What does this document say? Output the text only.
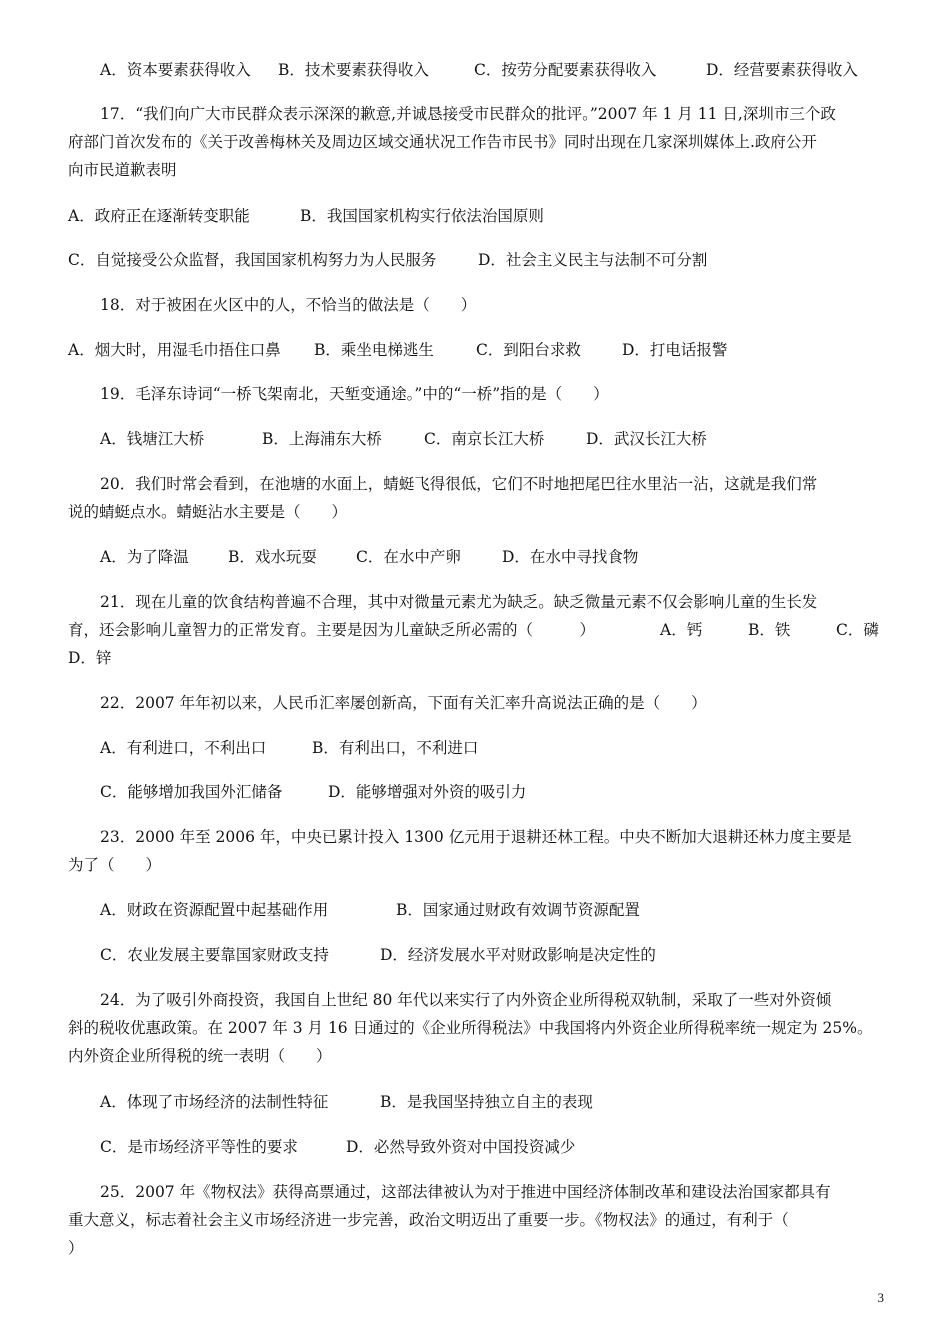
A．资本要素获得收入 B．技术要素获得收入	C．按劳分配要素获得收入	D．经营要素获得收入
17．“我们向广大市民群众表示深深的歉意,并诚恳接受市民群众的批评。”2007 年 1 月 11 日,深圳市三个政
府部门首次发布的《关于改善梅林关及周边区域交通状况工作告市民书》同时出现在几家深圳媒体上.政府公开
向市民道歉表明
A．政府正在逐渐转变职能	B．我国国家机构实行依法治国原则
C．自觉接受公众监督，我国国家机构努力为人民服务	D．社会主义民主与法制不可分割
18．对于被困在火区中的人，不恰当的做法是（　　）
A．烟大时，用湿毛巾捂住口鼻 B．乘坐电梯逃生	C．到阳台求救	D．打电话报警
19．毛泽东诗词“一桥飞架南北，天堑变通途。”中的“一桥”指的是（　　）
A．钱塘江大桥	B．上海浦东大桥	C．南京长江大桥	D．武汉长江大桥
20．我们时常会看到，在池塘的水面上，蜻蜓飞得很低，它们不时地把尾巴往水里沾一沾，这就是我们常
说的蜻蜓点水。蜻蜓沾水主要是（　　）
A．为了降温	B．戏水玩耍	C．在水中产卵	D．在水中寻找食物
21．现在儿童的饮食结构普遍不合理，其中对微量元素尤为缺乏。缺乏微量元素不仅会影响儿童的生长发
育，还会影响儿童智力的正常发育。主要是因为儿童缺乏所必需的（　　　）	A．钙	B．铁	C．磷
D．锌
22．2007 年年初以来，人民币汇率屡创新高，下面有关汇率升高说法正确的是（　　）
A．有利进口，不利出口	B．有利出口，不利进口
C．能够增加我国外汇储备	D．能够增强对外资的吸引力
23．2000 年至 2006 年，中央已累计投入 1300 亿元用于退耕还林工程。中央不断加大退耕还林力度主要是
为了（　　）
A．财政在资源配置中起基础作用	B．国家通过财政有效调节资源配置
C．农业发展主要靠国家财政支持	D．经济发展水平对财政影响是决定性的
24．为了吸引外商投资，我国自上世纪 80 年代以来实行了内外资企业所得税双轨制，采取了一些对外资倾
斜的税收优惠政策。在 2007 年 3 月 16 日通过的《企业所得税法》中我国将内外资企业所得税率统一规定为 25%。
内外资企业所得税的统一表明（　　）
A．体现了市场经济的法制性特征	B．是我国坚持独立自主的表现
C．是市场经济平等性的要求	D．必然导致外资对中国投资减少
25．2007 年《物权法》获得高票通过，这部法律被认为对于推进中国经济体制改革和建设法治国家都具有
重大意义，标志着社会主义市场经济进一步完善，政治文明迈出了重要一步。《物权法》的通过，有利于（
）
3
